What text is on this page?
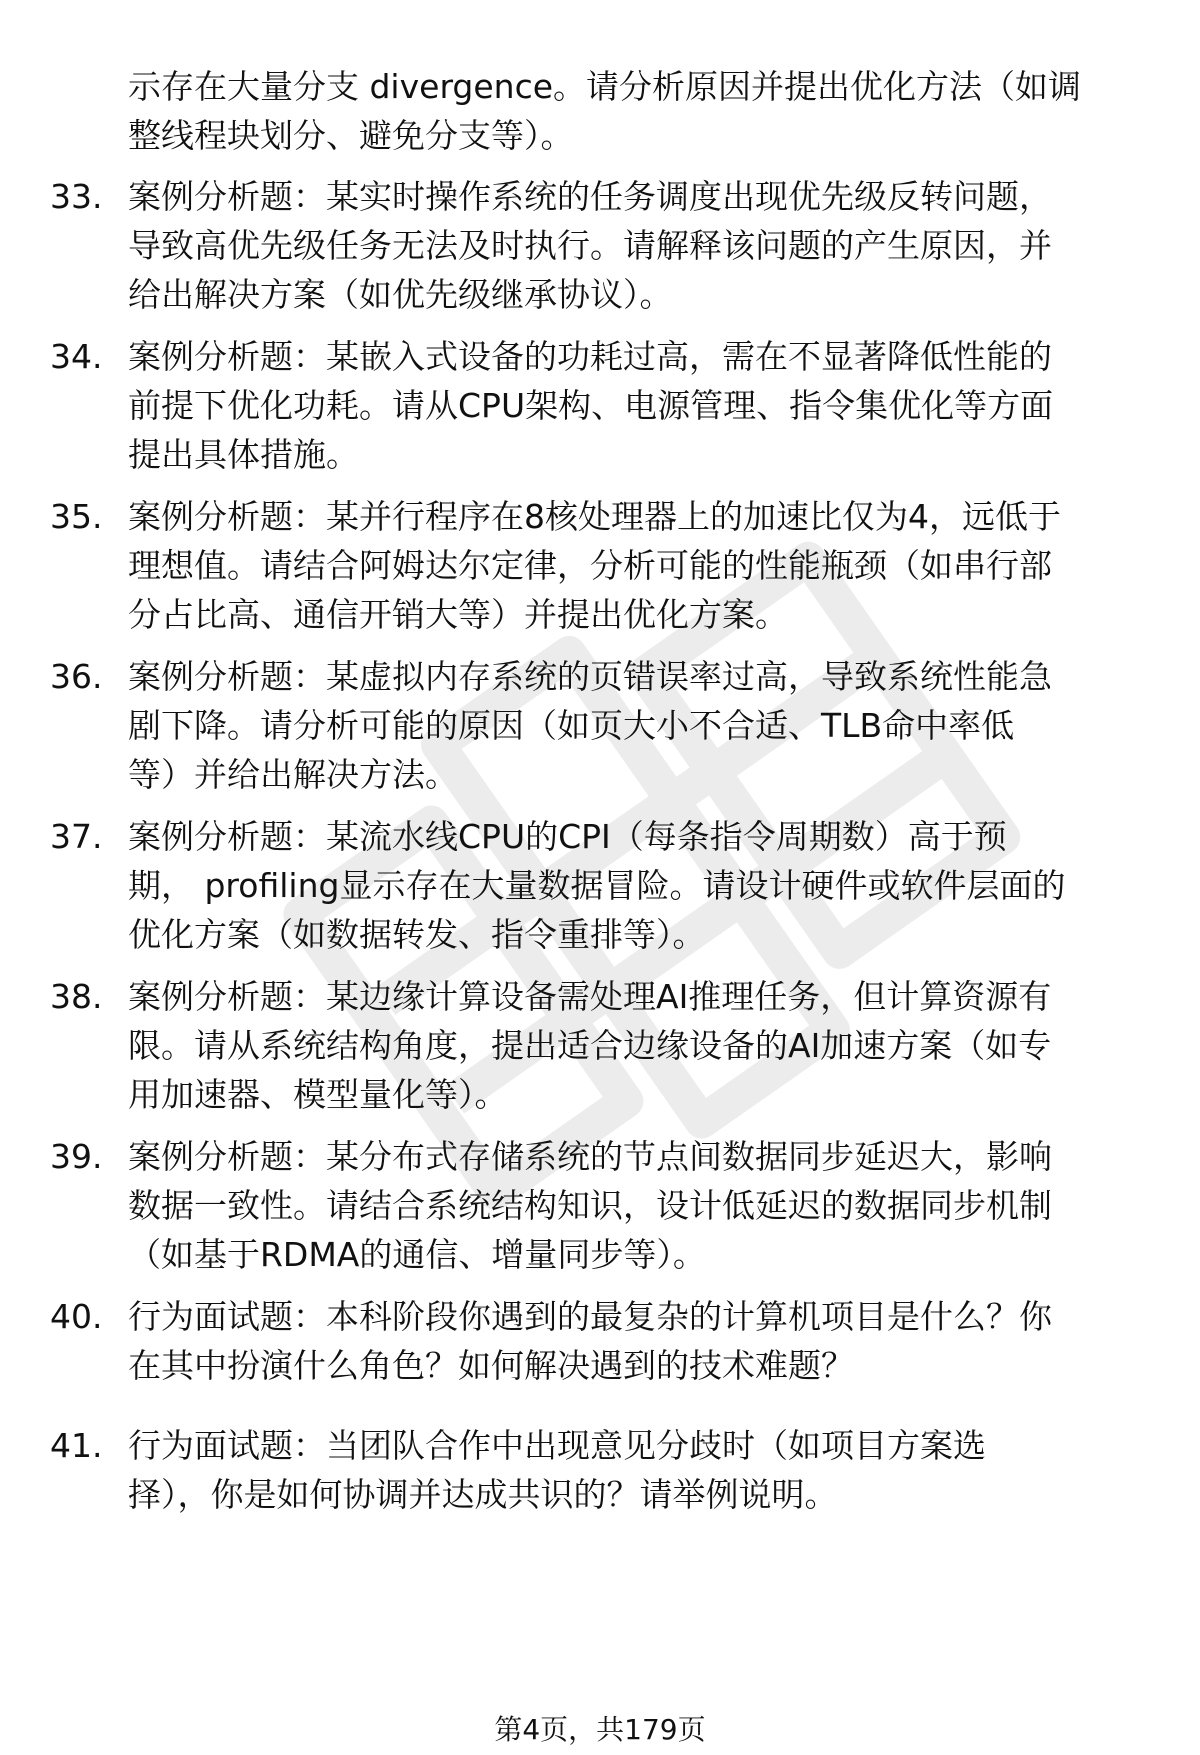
示存在大量分支 divergence。请分析原因并提出优化方法（如调
整线程块划分、避免分支等）。
33. 案例分析题：某实时操作系统的任务调度出现优先级反转问题，
导致高优先级任务无法及时执行。请解释该问题的产生原因，并
给出解决方案（如优先级继承协议）。
34. 案例分析题：某嵌入式设备的功耗过高，需在不显著降低性能的
前提下优化功耗。请从CPU架构、电源管理、指令集优化等方面
提出具体措施。
35. 案例分析题：某并行程序在8核处理器上的加速比仅为4，远低于
理想值。请结合阿姆达尔定律，分析可能的性能瓶颈（如串行部
分占比高、通信开销大等）并提出优化方案。
36. 案例分析题：某虚拟内存系统的页错误率过高，导致系统性能急
剧下降。请分析可能的原因（如页大小不合适、TLB命中率低
等）并给出解决方法。
37. 案例分析题：某流水线CPU的CPI（每条指令周期数）高于预
期， profiling显示存在大量数据冒险。请设计硬件或软件层面的
优化方案（如数据转发、指令重排等）。
38. 案例分析题：某边缘计算设备需处理AI推理任务，但计算资源有
限。请从系统结构角度，提出适合边缘设备的AI加速方案（如专
用加速器、模型量化等）。
39. 案例分析题：某分布式存储系统的节点间数据同步延迟大，影响
数据一致性。请结合系统结构知识，设计低延迟的数据同步机制
（如基于RDMA的通信、增量同步等）。
40. 行为面试题：本科阶段你遇到的最复杂的计算机项目是什么？你
在其中扮演什么角色？如何解决遇到的技术难题？
41. 行为面试题：当团队合作中出现意见分歧时（如项目方案选
择），你是如何协调并达成共识的？请举例说明。
第4页，共179页
